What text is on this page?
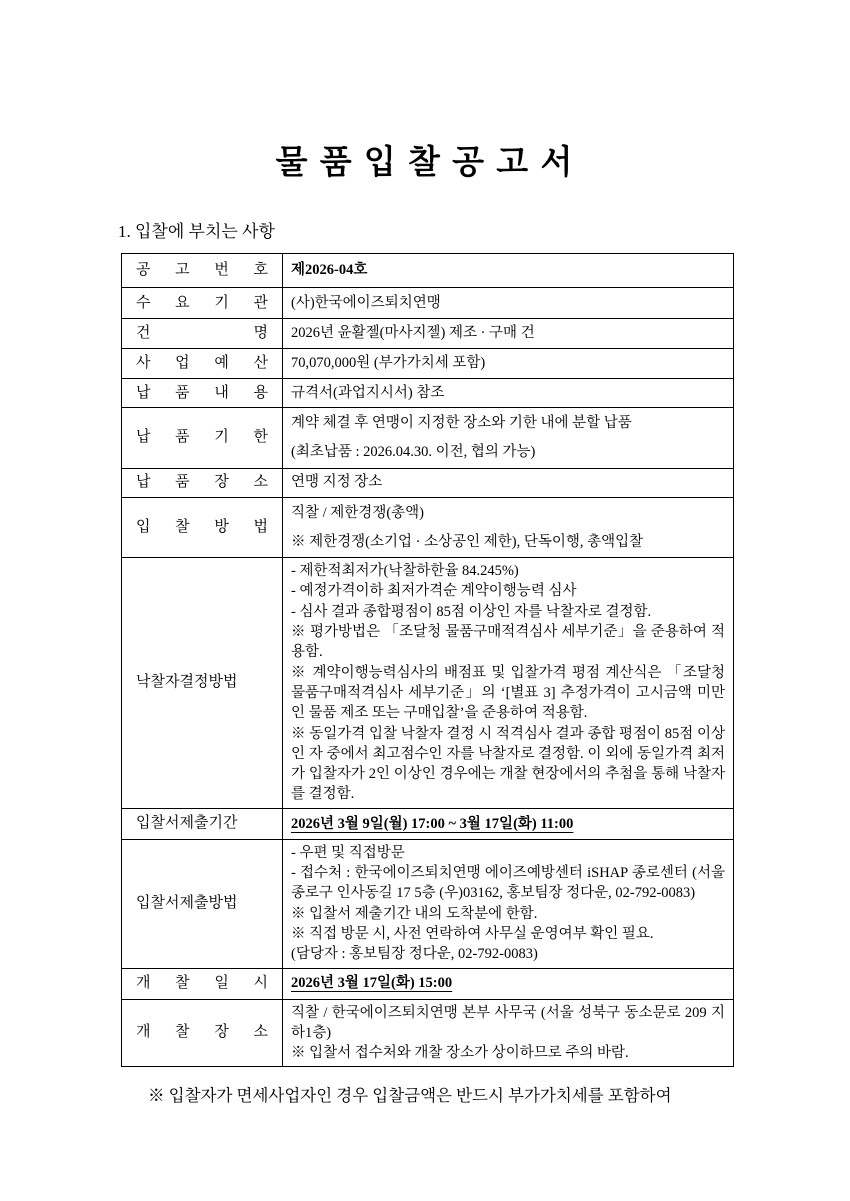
물 품 입 찰 공 고 서
1. 입찰에 부치는 사항
공 고 번 호	제2026-04호
수 요 기 관	(사)한국에이즈퇴치연맹
건 명	2026년 윤활젤(마사지젤) 제조 · 구매 건
사 업 예 산	70,070,000원 (부가가치세 포함)
납 품 내 용	규격서(과업지시서) 참조
납 품 기 한	계약 체결 후 연맹이 지정한 장소와 기한 내에 분할 납품
(최초납품 : 2026.04.30. 이전, 협의 가능)

납 품 장 소	연맹 지정 장소
입 찰 방 법	직찰 / 제한경쟁(총액)
※ 제한경쟁(소기업 · 소상공인 제한), 단독이행, 총액입찰

낙찰자결정방법	
- 제한적최저가(낙찰하한율 84.245%)
- 예정가격이하 최저가격순 계약이행능력 심사
- 심사 결과 종합평점이 85점 이상인 자를 낙찰자로 결정함.
※ 평가방법은 「조달청 물품구매적격심사 세부기준」을 준용하여 적용함.
※ 계약이행능력심사의 배점표 및 입찰가격 평점 계산식은 「조달청 물품구매적격심사 세부기준」의 ‘[별표 3] 추정가격이 고시금액 미만인 물품 제조 또는 구매입찰’을 준용하여 적용함.
※ 동일가격 입찰 낙찰자 결정 시 적격심사 결과 종합 평점이 85점 이상인 자 중에서 최고점수인 자를 낙찰자로 결정함. 이 외에 동일가격 최저가 입찰자가 2인 이상인 경우에는 개찰 현장에서의 추첨을 통해 낙찰자를 결정함.

입찰서제출기간	2026년 3월 9일(월) 17:00 ~ 3월 17일(화) 11:00
입찰서제출방법	- 우편 및 직접방문
- 접수처 : 한국에이즈퇴치연맹 에이즈예방센터 iSHAP 종로센터 (서울 종로구 인사동길 17 5층 (우)03162, 홍보팀장 정다운, 02-792-0083)
※ 입찰서 제출기간 내의 도착분에 한함.
※ 직접 방문 시, 사전 연락하여 사무실 운영여부 확인 필요.
(담당자 : 홍보팀장 정다운, 02-792-0083)

개 찰 일 시	2026년 3월 17일(화) 15:00
개 찰 장 소	직찰 / 한국에이즈퇴치연맹 본부 사무국 (서울 성북구 동소문로 209 지하1층)
※ 입찰서 접수처와 개찰 장소가 상이하므로 주의 바람.
※ 입찰자가 면세사업자인 경우 입찰금액은 반드시 부가가치세를 포함하여
